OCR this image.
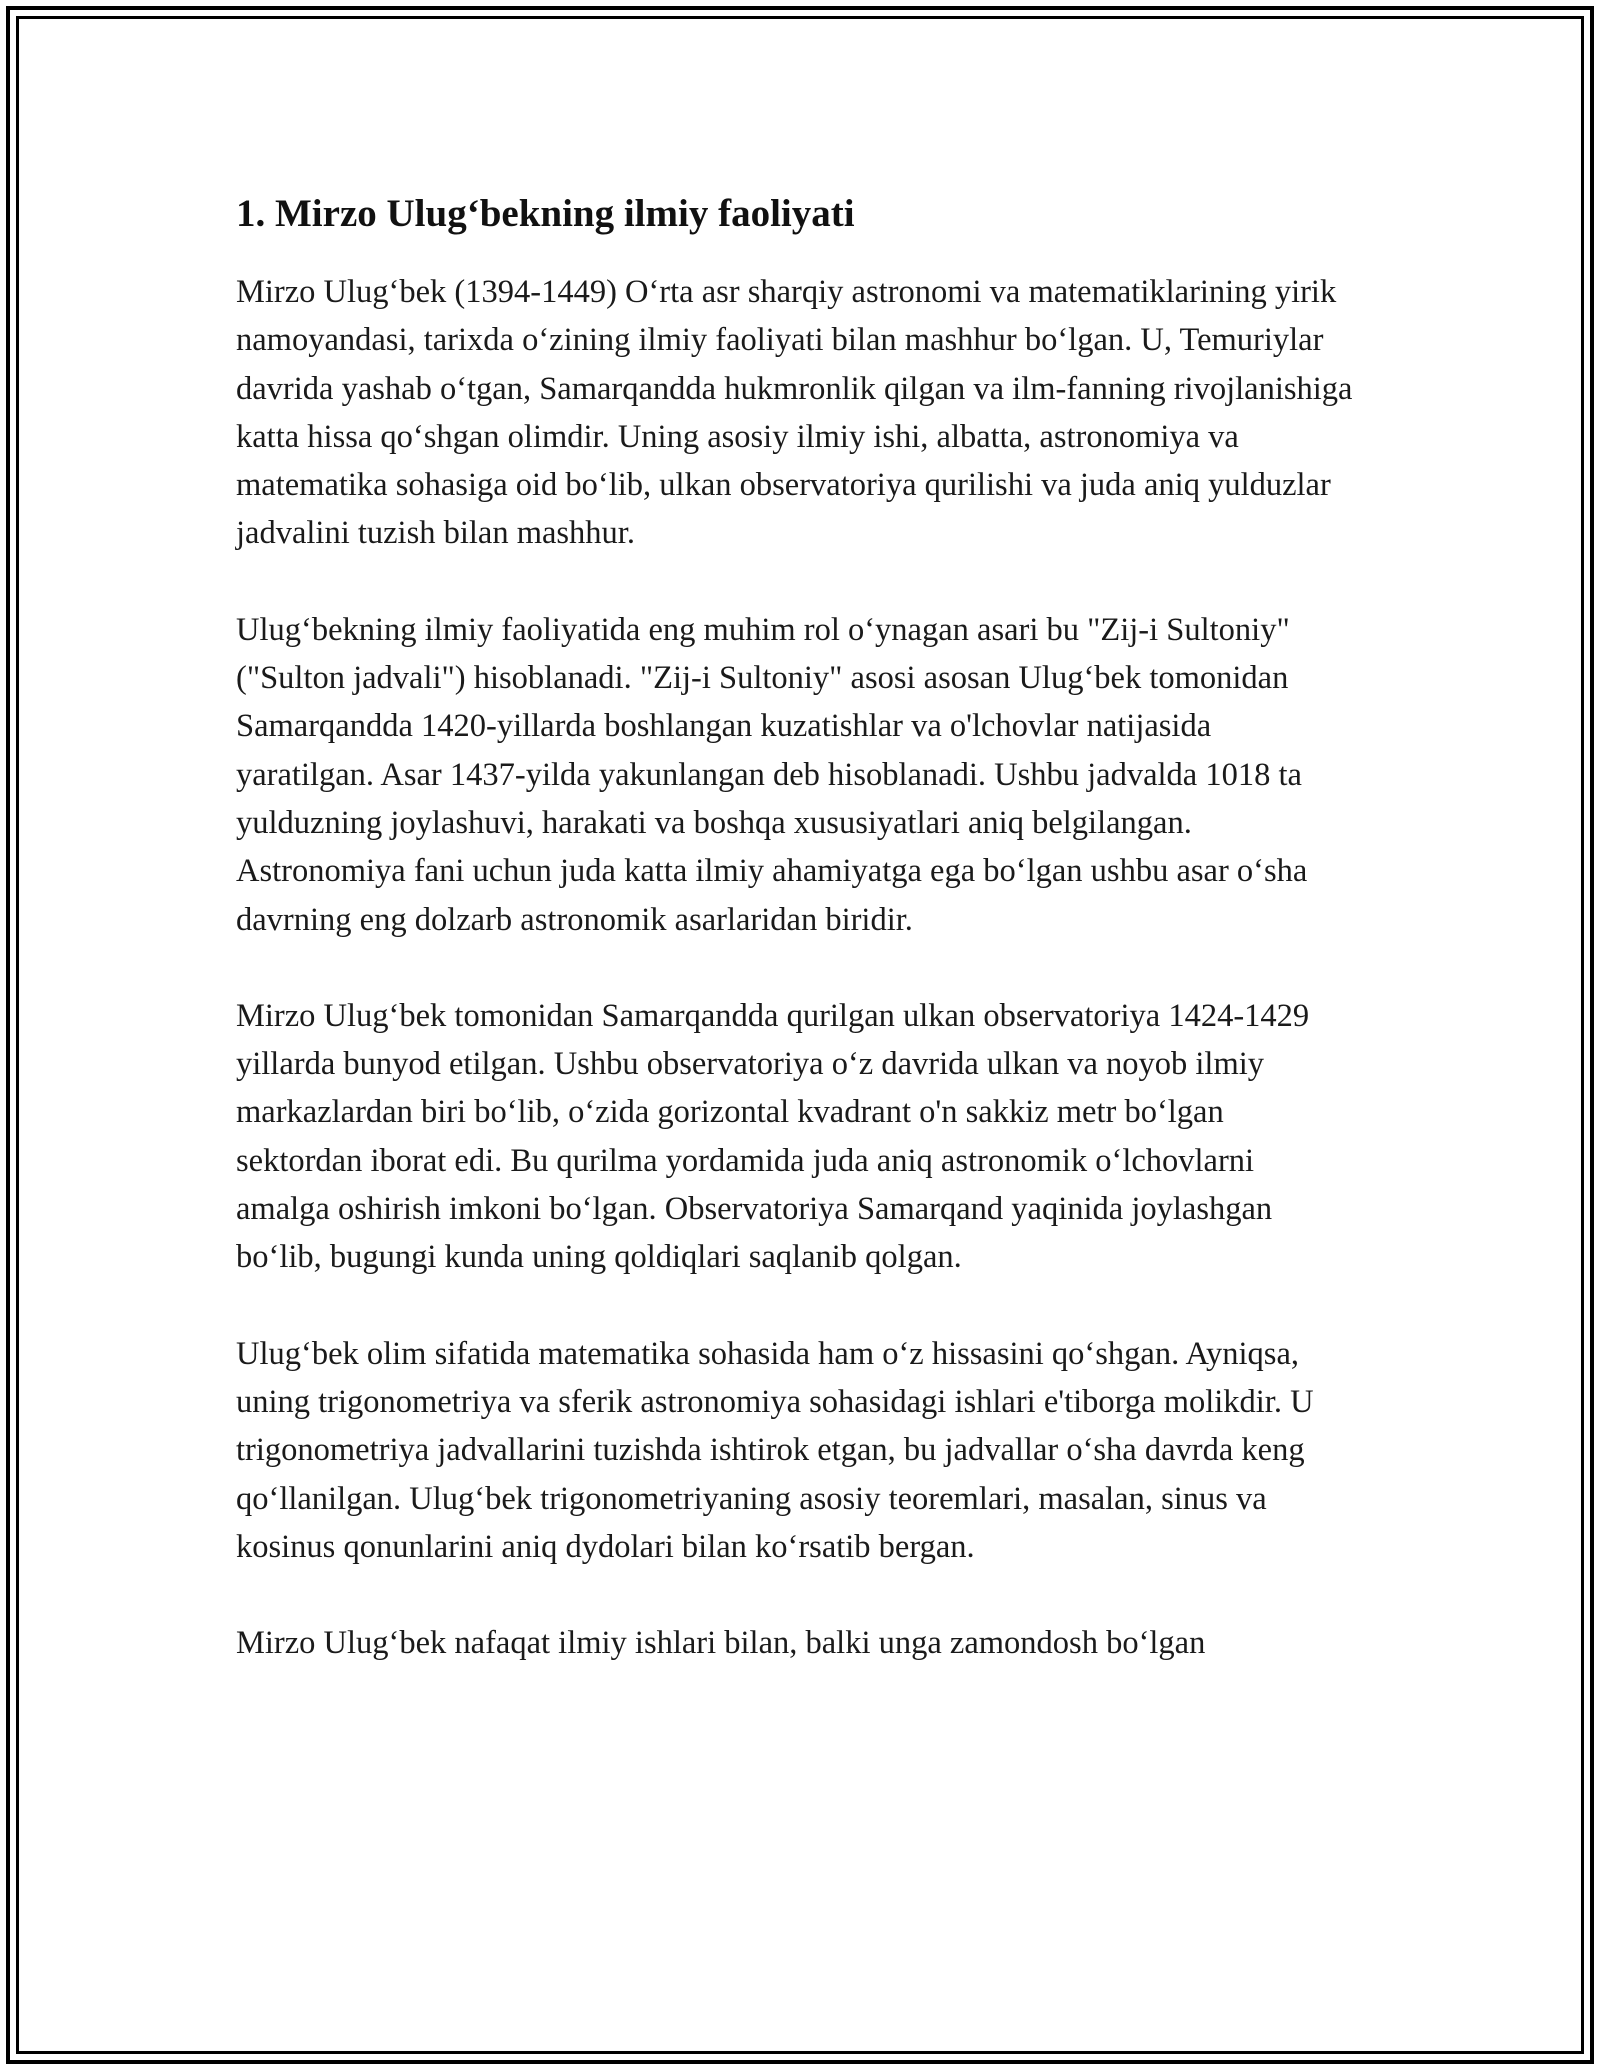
1. Mirzo Ulug‘bekning ilmiy faoliyati

Mirzo Ulug‘bek (1394-1449) O‘rta asr sharqiy astronomi va matematiklarining yirik namoyandasi, tarixda o‘zining ilmiy faoliyati bilan mashhur bo‘lgan. U, Temuriylar davrida yashab o‘tgan, Samarqandda hukmronlik qilgan va ilm-fanning rivojlanishiga katta hissa qo‘shgan olimdir. Uning asosiy ilmiy ishi, albatta, astronomiya va matematika sohasiga oid bo‘lib, ulkan observatoriya qurilishi va juda aniq yulduzlar jadvalini tuzish bilan mashhur.

Ulug‘bekning ilmiy faoliyatida eng muhim rol o‘ynagan asari bu "Zij-i Sultoniy" ("Sulton jadvali") hisoblanadi. "Zij-i Sultoniy" asosi asosan Ulug‘bek tomonidan Samarqandda 1420-yillarda boshlangan kuzatishlar va o'lchovlar natijasida yaratilgan. Asar 1437-yilda yakunlangan deb hisoblanadi. Ushbu jadvalda 1018 ta yulduzning joylashuvi, harakati va boshqa xususiyatlari aniq belgilangan. Astronomiya fani uchun juda katta ilmiy ahamiyatga ega bo‘lgan ushbu asar o‘sha davrning eng dolzarb astronomik asarlaridan biridir.

Mirzo Ulug‘bek tomonidan Samarqandda qurilgan ulkan observatoriya 1424-1429 yillarda bunyod etilgan. Ushbu observatoriya o‘z davrida ulkan va noyob ilmiy markazlardan biri bo‘lib, o‘zida gorizontal kvadrant o'n sakkiz metr bo‘lgan sektordan iborat edi. Bu qurilma yordamida juda aniq astronomik o‘lchovlarni amalga oshirish imkoni bo‘lgan. Observatoriya Samarqand yaqinida joylashgan bo‘lib, bugungi kunda uning qoldiqlari saqlanib qolgan.

Ulug‘bek olim sifatida matematika sohasida ham o‘z hissasini qo‘shgan. Ayniqsa, uning trigonometriya va sferik astronomiya sohasidagi ishlari e'tiborga molikdir. U trigonometriya jadvallarini tuzishda ishtirok etgan, bu jadvallar o‘sha davrda keng qo‘llanilgan. Ulug‘bek trigonometriyaning asosiy teoremlari, masalan, sinus va kosinus qonunlarini aniq dydolari bilan ko‘rsatib bergan.

Mirzo Ulug‘bek nafaqat ilmiy ishlari bilan, balki unga zamondosh bo‘lgan
